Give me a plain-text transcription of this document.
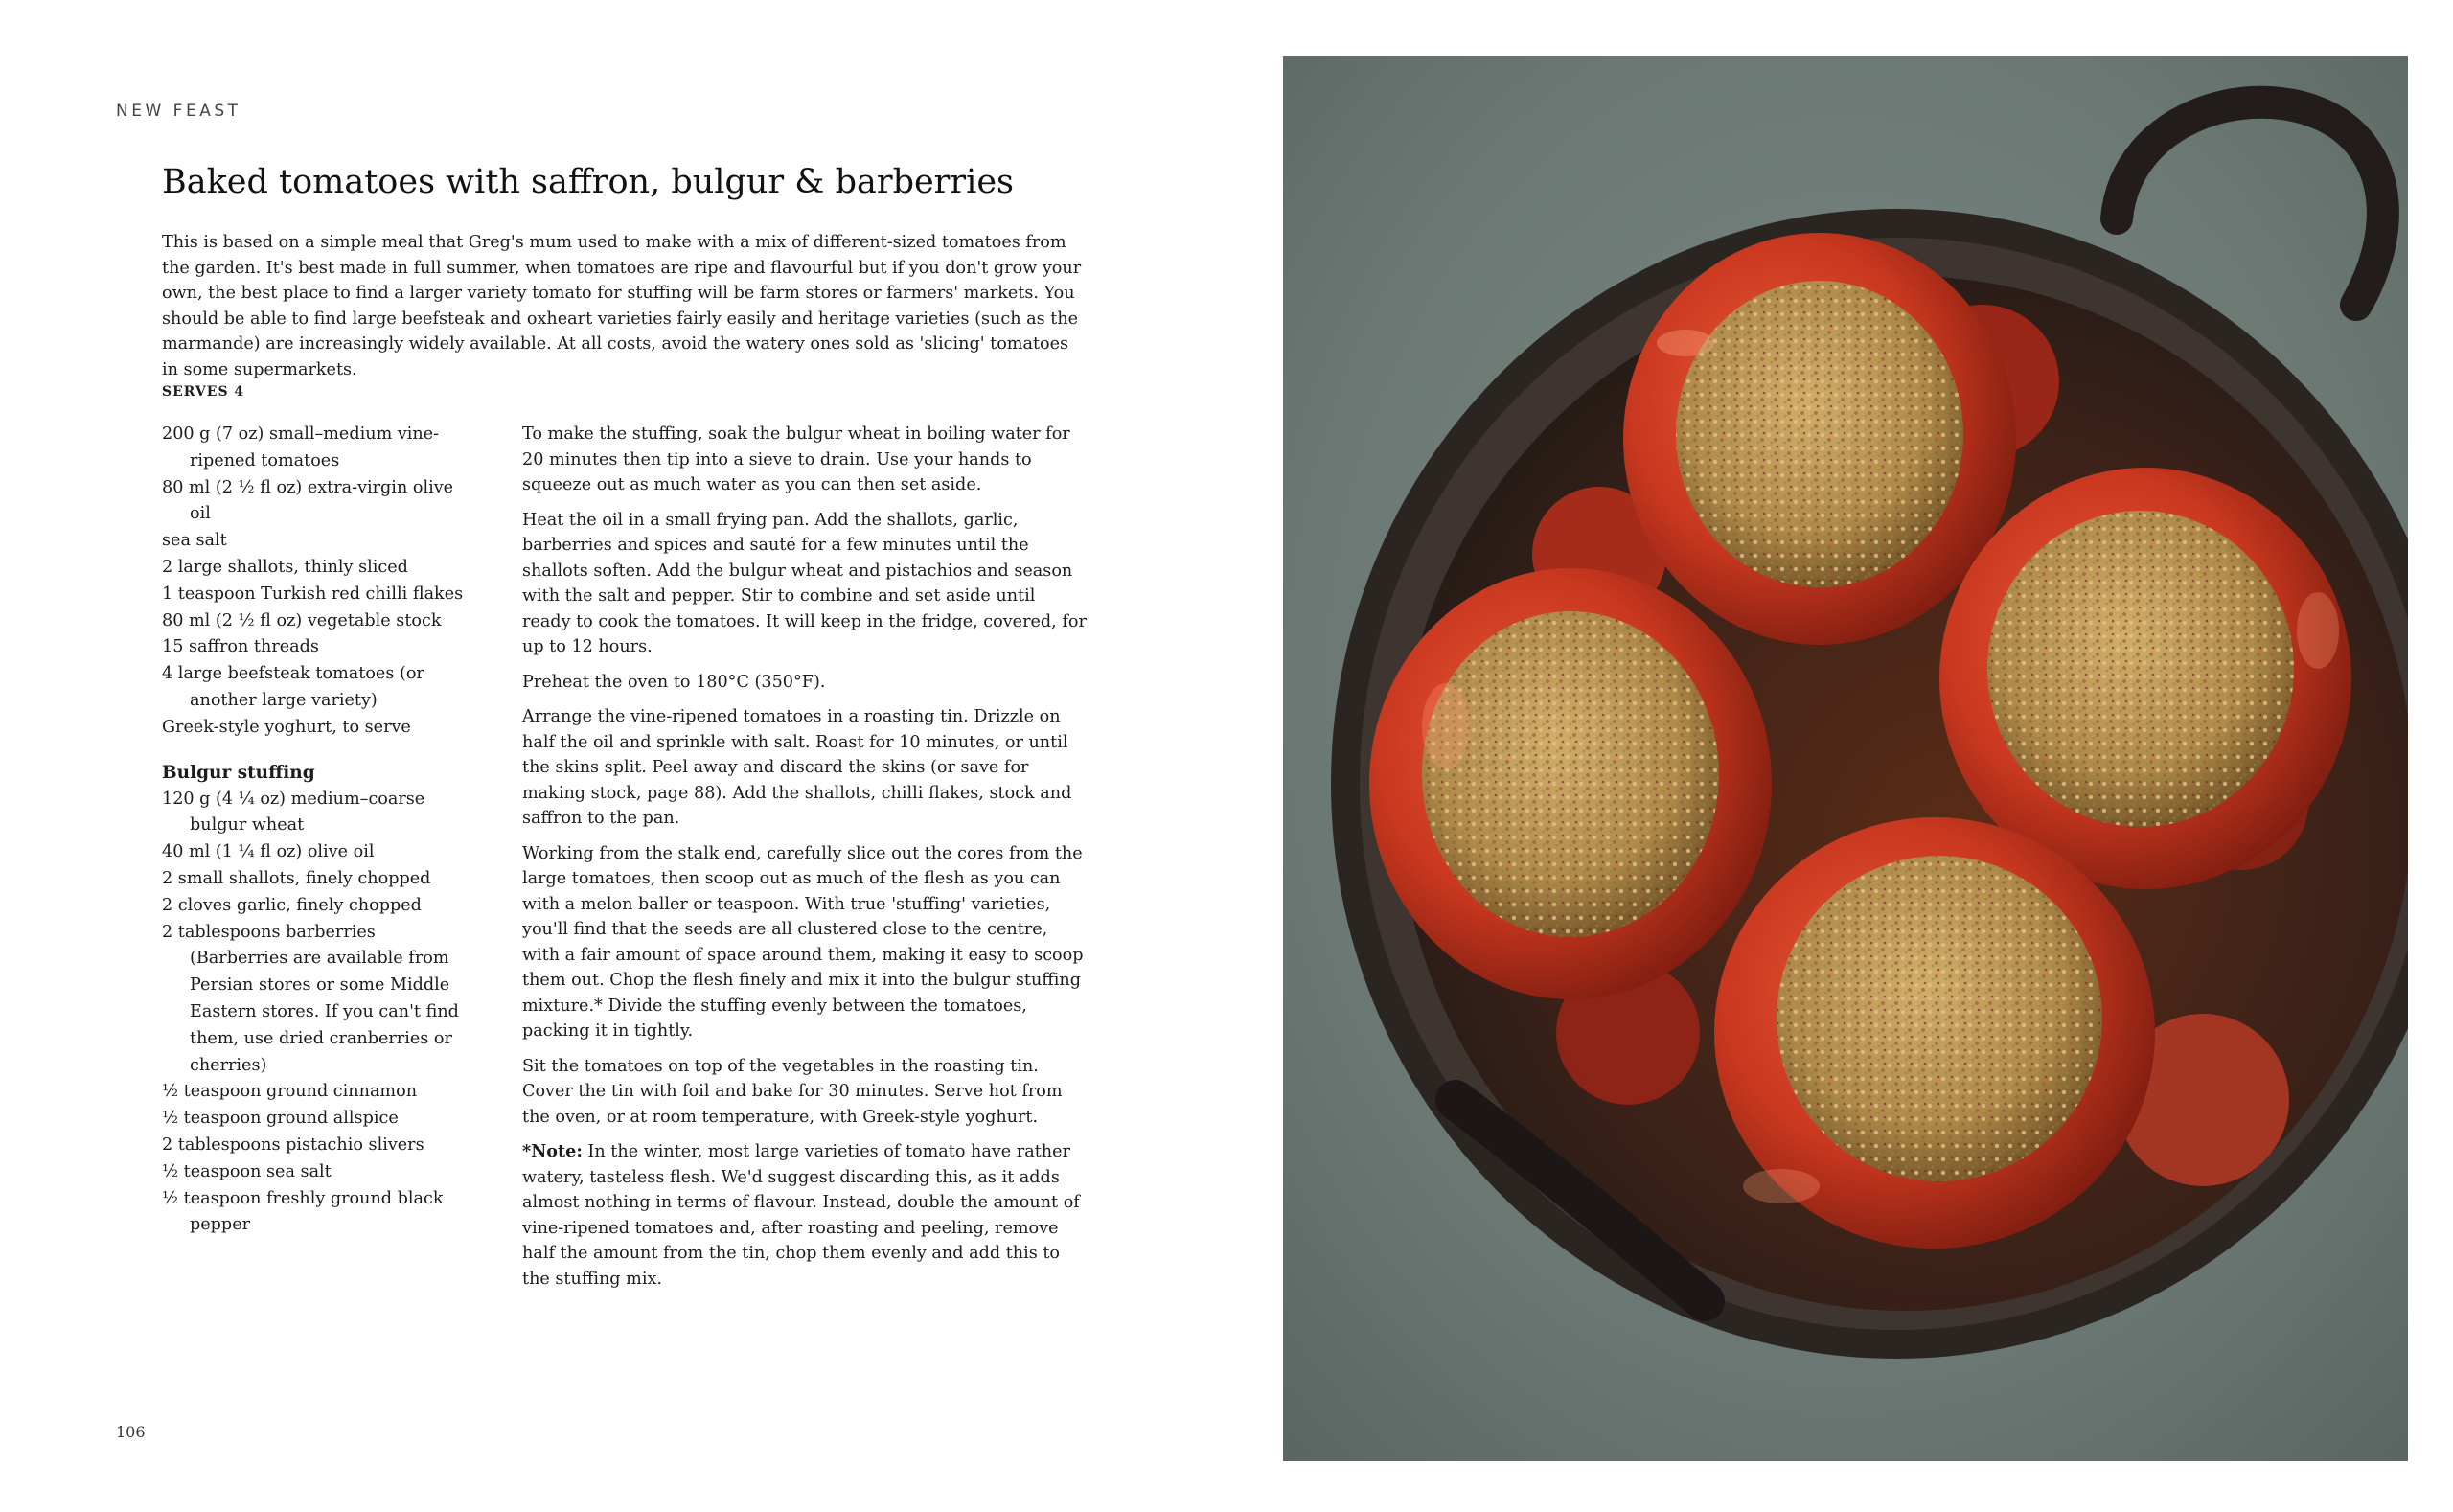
NEW FEAST
Baked tomatoes with saffron, bulgur & barberries

This is based on a simple meal that Greg's mum used to make with a mix of different-sized tomatoes from the garden. It's best made in full summer, when tomatoes are ripe and flavourful but if you don't grow your own, the best place to find a larger variety tomato for stuffing will be farm stores or farmers' markets. You should be able to find large beefsteak and oxheart varieties fairly easily and heritage varieties (such as the marmande) are increasingly widely available. At all costs, avoid the watery ones sold as 'slicing' tomatoes in some supermarkets.

SERVES 4
200 g (7 oz) small–medium vine-ripened tomatoes
80 ml (2 ½ fl oz) extra-virgin olive oil
sea salt
2 large shallots, thinly sliced
1 teaspoon Turkish red chilli flakes
80 ml (2 ½ fl oz) vegetable stock
15 saffron threads
4 large beefsteak tomatoes (or another large variety)
Greek-style yoghurt, to serve
Bulgur stuffing
120 g (4 ¼ oz) medium–coarse bulgur wheat
40 ml (1 ¼ fl oz) olive oil
2 small shallots, finely chopped
2 cloves garlic, finely chopped
2 tablespoons barberries (Barberries are available from Persian stores or some Middle Eastern stores. If you can't find them, use dried cranberries or cherries)
½ teaspoon ground cinnamon
½ teaspoon ground allspice
2 tablespoons pistachio slivers
½ teaspoon sea salt
½ teaspoon freshly ground black pepper

To make the stuffing, soak the bulgur wheat in boiling water for 20 minutes then tip into a sieve to drain. Use your hands to squeeze out as much water as you can then set aside.

Heat the oil in a small frying pan. Add the shallots, garlic, barberries and spices and sauté for a few minutes until the shallots soften. Add the bulgur wheat and pistachios and season with the salt and pepper. Stir to combine and set aside until ready to cook the tomatoes. It will keep in the fridge, covered, for up to 12 hours.

Preheat the oven to 180°C (350°F).

Arrange the vine-ripened tomatoes in a roasting tin. Drizzle on half the oil and sprinkle with salt. Roast for 10 minutes, or until the skins split. Peel away and discard the skins (or save for making stock, page 88). Add the shallots, chilli flakes, stock and saffron to the pan.

Working from the stalk end, carefully slice out the cores from the large tomatoes, then scoop out as much of the flesh as you can with a melon baller or teaspoon. With true 'stuffing' varieties, you'll find that the seeds are all clustered close to the centre, with a fair amount of space around them, making it easy to scoop them out. Chop the flesh finely and mix it into the bulgur stuffing mixture.* Divide the stuffing evenly between the tomatoes, packing it in tightly.

Sit the tomatoes on top of the vegetables in the roasting tin. Cover the tin with foil and bake for 30 minutes. Serve hot from the oven, or at room temperature, with Greek-style yoghurt.

*Note: In the winter, most large varieties of tomato have rather watery, tasteless flesh. We'd suggest discarding this, as it adds almost nothing in terms of flavour. Instead, double the amount of vine-ripened tomatoes and, after roasting and peeling, remove half the amount from the tin, chop them evenly and add this to the stuffing mix.

106
